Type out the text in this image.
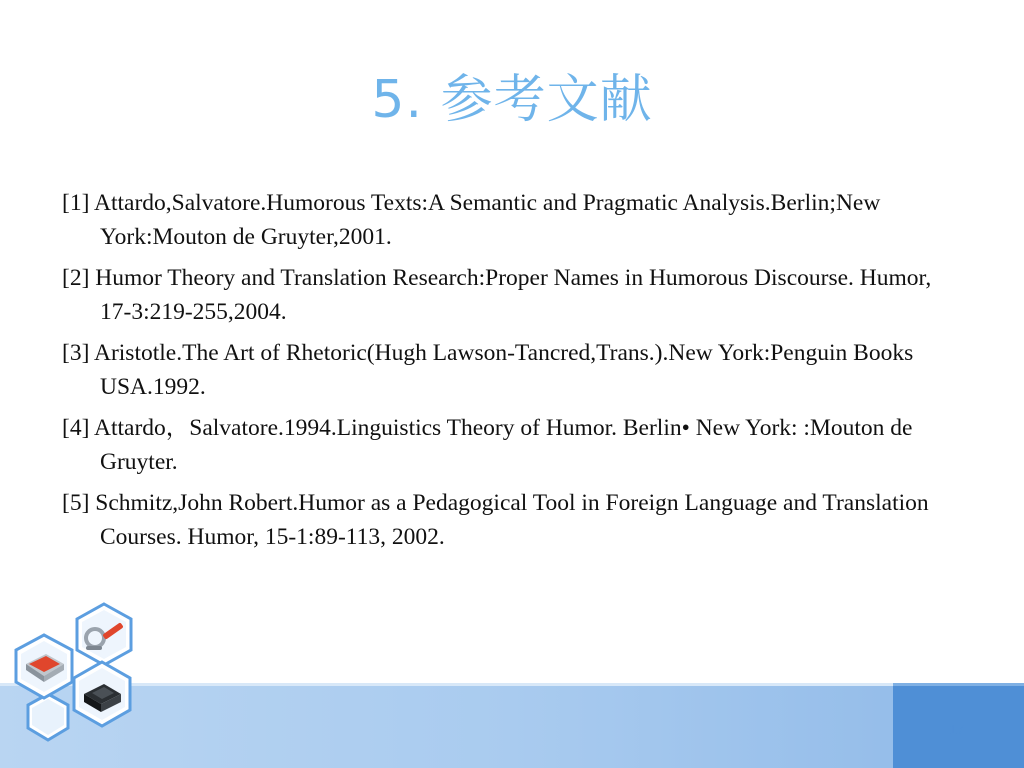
5. 参考文献
[1] Attardo,Salvatore.Humorous Texts:A Semantic and Pragmatic Analysis.Berlin;New York:Mouton de Gruyter,2001.
[2] Humor Theory and Translation Research:Proper Names in Humorous Discourse. Humor, 17-3:219-255,2004.
[3] Aristotle.The Art of Rhetoric(Hugh Lawson-Tancred,Trans.).New York:Penguin Books USA.1992.
[4] Attardo，Salvatore.1994.Linguistics Theory of Humor. Berlin• New York: :Mouton de Gruyter.
[5] Schmitz,John Robert.Humor as a Pedagogical Tool in Foreign Language and Translation Courses. Humor, 15-1:89-113, 2002.
17
